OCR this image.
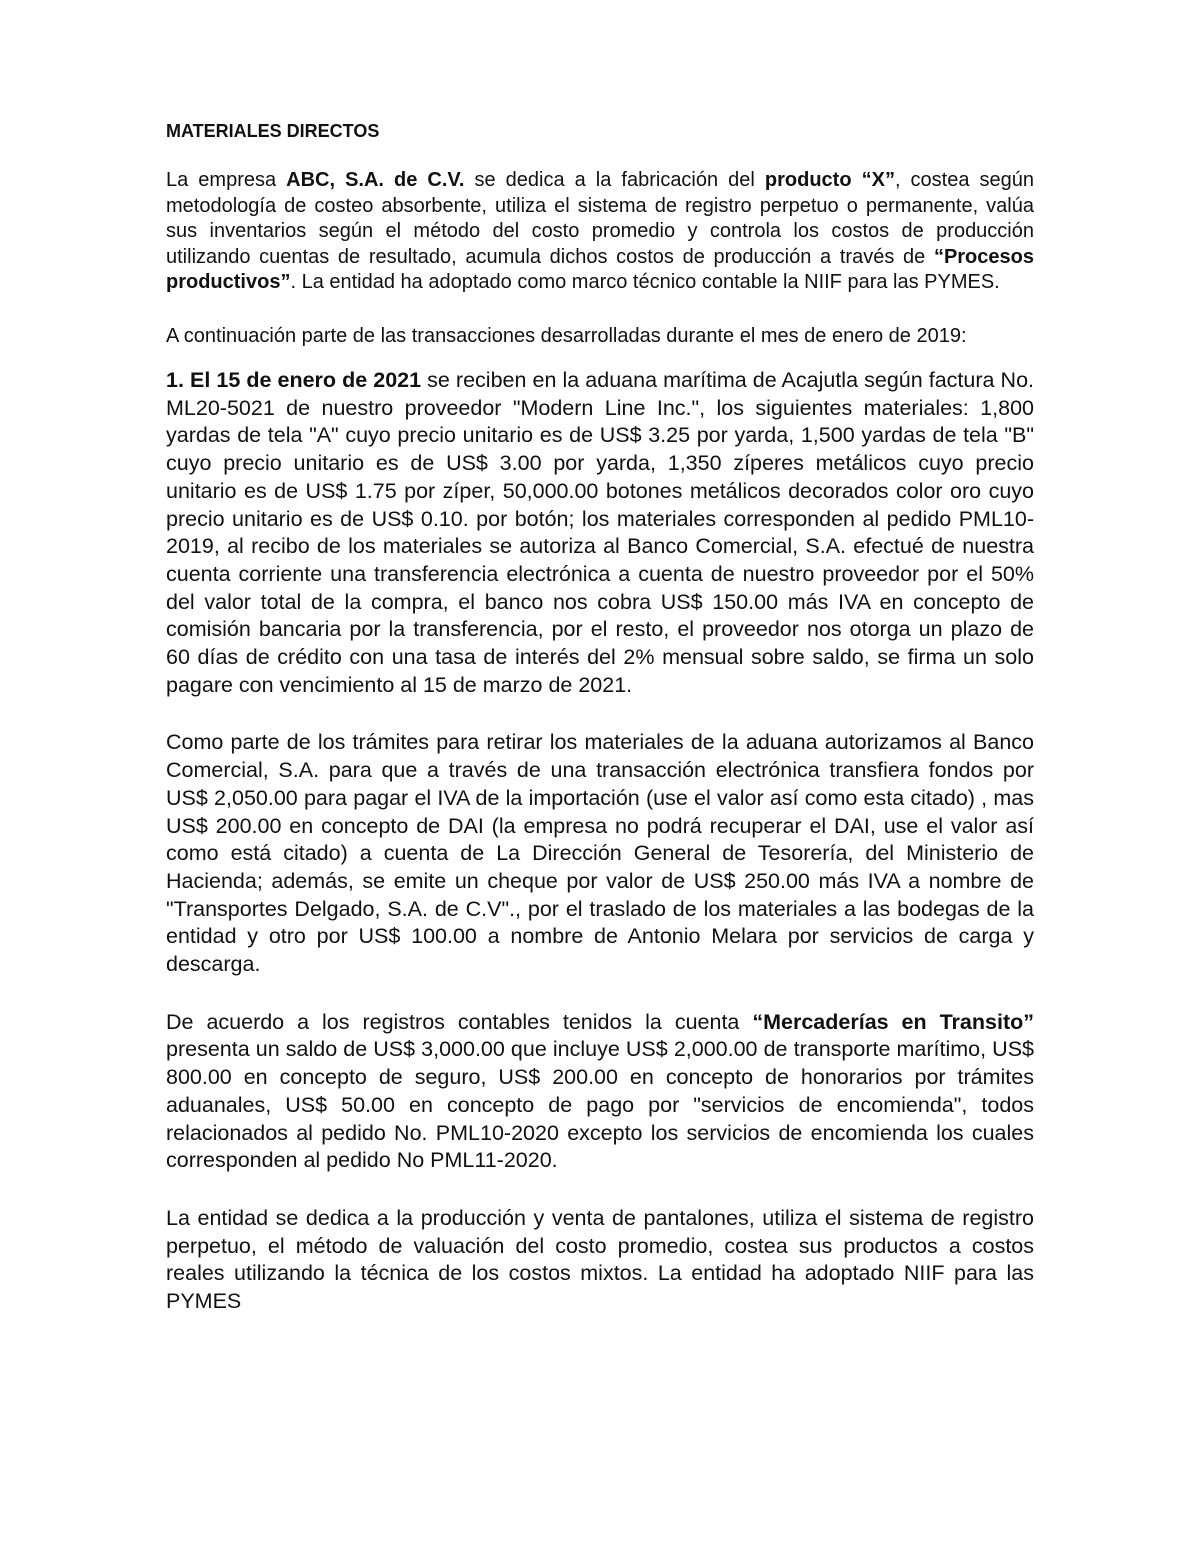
MATERIALES DIRECTOS

La empresa ABC, S.A. de C.V. se dedica a la fabricación del producto “X”, costea según metodología de costeo absorbente, utiliza el sistema de registro perpetuo o permanente, valúa sus inventarios según el método del costo promedio y controla los costos de producción utilizando cuentas de resultado, acumula dichos costos de producción a través de “Procesos productivos”. La entidad ha adoptado como marco técnico contable la NIIF para las PYMES.

A continuación parte de las transacciones desarrolladas durante el mes de enero de 2019:

1. El 15 de enero de 2021 se reciben en la aduana marítima de Acajutla según factura No. ML20-5021 de nuestro proveedor "Modern Line Inc.", los siguientes materiales: 1,800 yardas de tela "A" cuyo precio unitario es de US$ 3.25 por yarda, 1,500 yardas de tela "B" cuyo precio unitario es de US$ 3.00 por yarda, 1,350 zíperes metálicos cuyo precio unitario es de US$ 1.75 por zíper, 50,000.00 botones metálicos decorados color oro cuyo precio unitario es de US$ 0.10. por botón; los materiales corresponden al pedido PML10-2019, al recibo de los materiales se autoriza al Banco Comercial, S.A. efectué de nuestra cuenta corriente una transferencia electrónica a cuenta de nuestro proveedor por el 50% del valor total de la compra, el banco nos cobra US$ 150.00 más IVA en concepto de comisión bancaria por la transferencia, por el resto, el proveedor nos otorga un plazo de 60 días de crédito con una tasa de interés del 2% mensual sobre saldo, se firma un solo pagare con vencimiento al 15 de marzo de 2021.

Como parte de los trámites para retirar los materiales de la aduana autorizamos al Banco Comercial, S.A. para que a través de una transacción electrónica transfiera fondos por US$ 2,050.00 para pagar el IVA de la importación (use el valor así como esta citado) , mas US$ 200.00 en concepto de DAI (la empresa no podrá recuperar el DAI, use el valor así como está citado) a cuenta de La Dirección General de Tesorería, del Ministerio de Hacienda; además, se emite un cheque por valor de US$ 250.00 más IVA a nombre de "Transportes Delgado, S.A. de C.V"., por el traslado de los materiales a las bodegas de la entidad y otro por US$ 100.00 a nombre de Antonio Melara por servicios de carga y descarga.

De acuerdo a los registros contables tenidos la cuenta “Mercaderías en Transito” presenta un saldo de US$ 3,000.00 que incluye US$ 2,000.00 de transporte marítimo, US$ 800.00 en concepto de seguro, US$ 200.00 en concepto de honorarios por trámites aduanales, US$ 50.00 en concepto de pago por "servicios de encomienda", todos relacionados al pedido No. PML10-2020 excepto los servicios de encomienda los cuales corresponden al pedido No PML11-2020.

La entidad se dedica a la producción y venta de pantalones, utiliza el sistema de registro perpetuo, el método de valuación del costo promedio, costea sus productos a costos reales utilizando la técnica de los costos mixtos. La entidad ha adoptado NIIF para las PYMES
